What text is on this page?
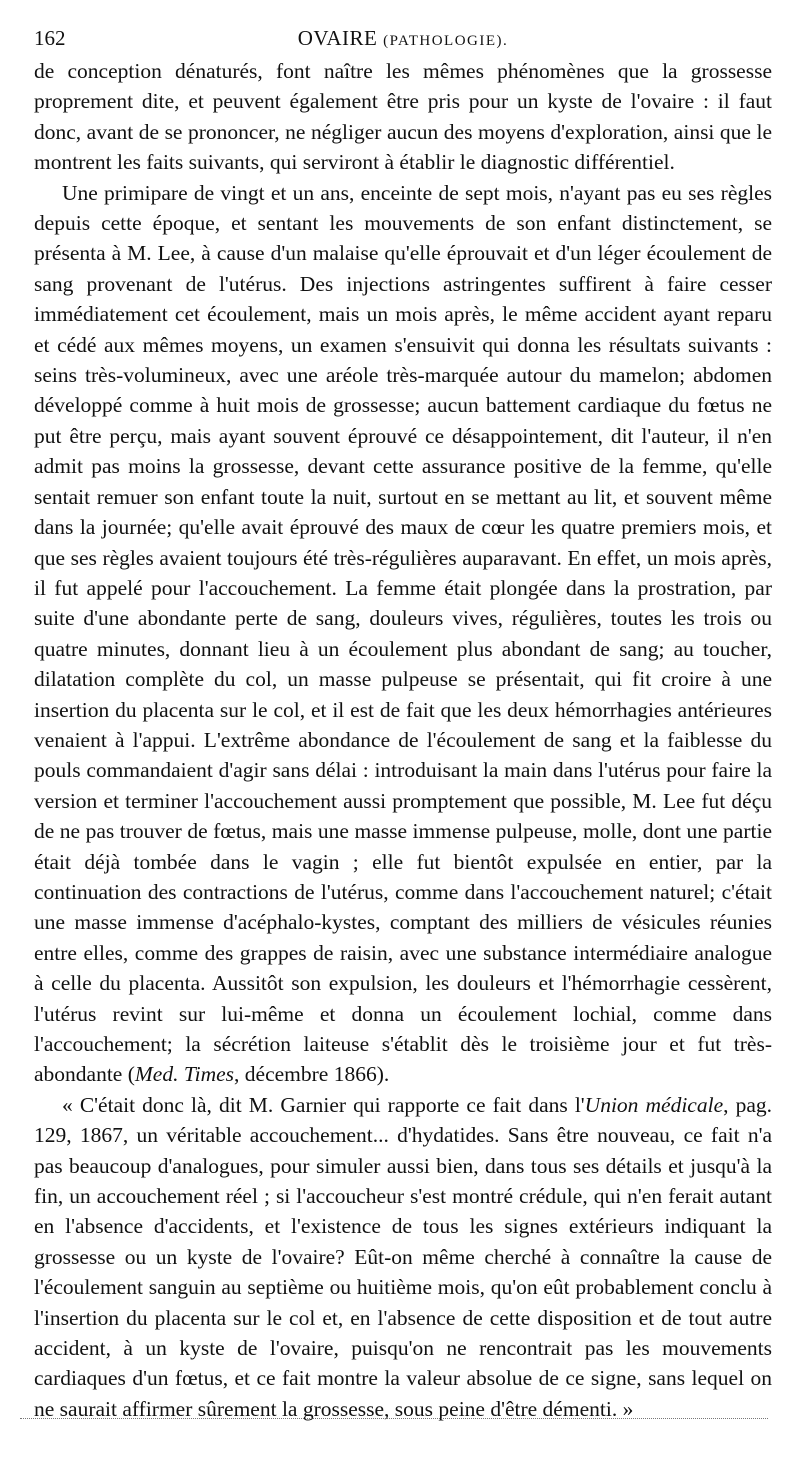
162	OVAIRE (PATHOLOGIE).

de conception dénaturés, font naître les mêmes phénomènes que la grossesse proprement dite, et peuvent également être pris pour un kyste de l'ovaire : il faut donc, avant de se prononcer, ne négliger aucun des moyens d'exploration, ainsi que le montrent les faits suivants, qui serviront à établir le diagnostic différentiel.

Une primipare de vingt et un ans, enceinte de sept mois, n'ayant pas eu ses règles depuis cette époque, et sentant les mouvements de son enfant distinctement, se présenta à M. Lee, à cause d'un malaise qu'elle éprouvait et d'un léger écoulement de sang provenant de l'utérus. Des injections astringentes suffirent à faire cesser immédiatement cet écoulement, mais un mois après, le même accident ayant reparu et cédé aux mêmes moyens, un examen s'ensuivit qui donna les résultats suivants : seins très-volumineux, avec une aréole très-marquée autour du mamelon; abdomen développé comme à huit mois de grossesse; aucun battement cardiaque du fœtus ne put être perçu, mais ayant souvent éprouvé ce désappointement, dit l'auteur, il n'en admit pas moins la grossesse, devant cette assurance positive de la femme, qu'elle sentait remuer son enfant toute la nuit, surtout en se mettant au lit, et souvent même dans la journée; qu'elle avait éprouvé des maux de cœur les quatre premiers mois, et que ses règles avaient toujours été très-régulières auparavant. En effet, un mois après, il fut appelé pour l'accouchement. La femme était plongée dans la prostration, par suite d'une abondante perte de sang, douleurs vives, régulières, toutes les trois ou quatre minutes, donnant lieu à un écoulement plus abondant de sang; au toucher, dilatation complète du col, un masse pulpeuse se présentait, qui fit croire à une insertion du placenta sur le col, et il est de fait que les deux hémorrhagies antérieures venaient à l'appui. L'extrême abondance de l'écoulement de sang et la faiblesse du pouls commandaient d'agir sans délai : introduisant la main dans l'utérus pour faire la version et terminer l'accouchement aussi promptement que possible, M. Lee fut déçu de ne pas trouver de fœtus, mais une masse immense pulpeuse, molle, dont une partie était déjà tombée dans le vagin ; elle fut bientôt expulsée en entier, par la continuation des contractions de l'utérus, comme dans l'accouchement naturel; c'était une masse immense d'acéphalo-kystes, comptant des milliers de vésicules réunies entre elles, comme des grappes de raisin, avec une substance intermédiaire analogue à celle du placenta. Aussitôt son expulsion, les douleurs et l'hémorrhagie cessèrent, l'utérus revint sur lui-même et donna un écoulement lochial, comme dans l'accouchement; la sécrétion laiteuse s'établit dès le troisième jour et fut très-abondante (Med. Times, décembre 1866).

« C'était donc là, dit M. Garnier qui rapporte ce fait dans l'Union médicale, pag. 129, 1867, un véritable accouchement... d'hydatides. Sans être nouveau, ce fait n'a pas beaucoup d'analogues, pour simuler aussi bien, dans tous ses détails et jusqu'à la fin, un accouchement réel ; si l'accoucheur s'est montré crédule, qui n'en ferait autant en l'absence d'accidents, et l'existence de tous les signes extérieurs indiquant la grossesse ou un kyste de l'ovaire? Eût-on même cherché à connaître la cause de l'écoulement sanguin au septième ou huitième mois, qu'on eût probablement conclu à l'insertion du placenta sur le col et, en l'absence de cette disposition et de tout autre accident, à un kyste de l'ovaire, puisqu'on ne rencontrait pas les mouvements cardiaques d'un fœtus, et ce fait montre la valeur absolue de ce signe, sans lequel on ne saurait affirmer sûrement la grossesse, sous peine d'être démenti. »
